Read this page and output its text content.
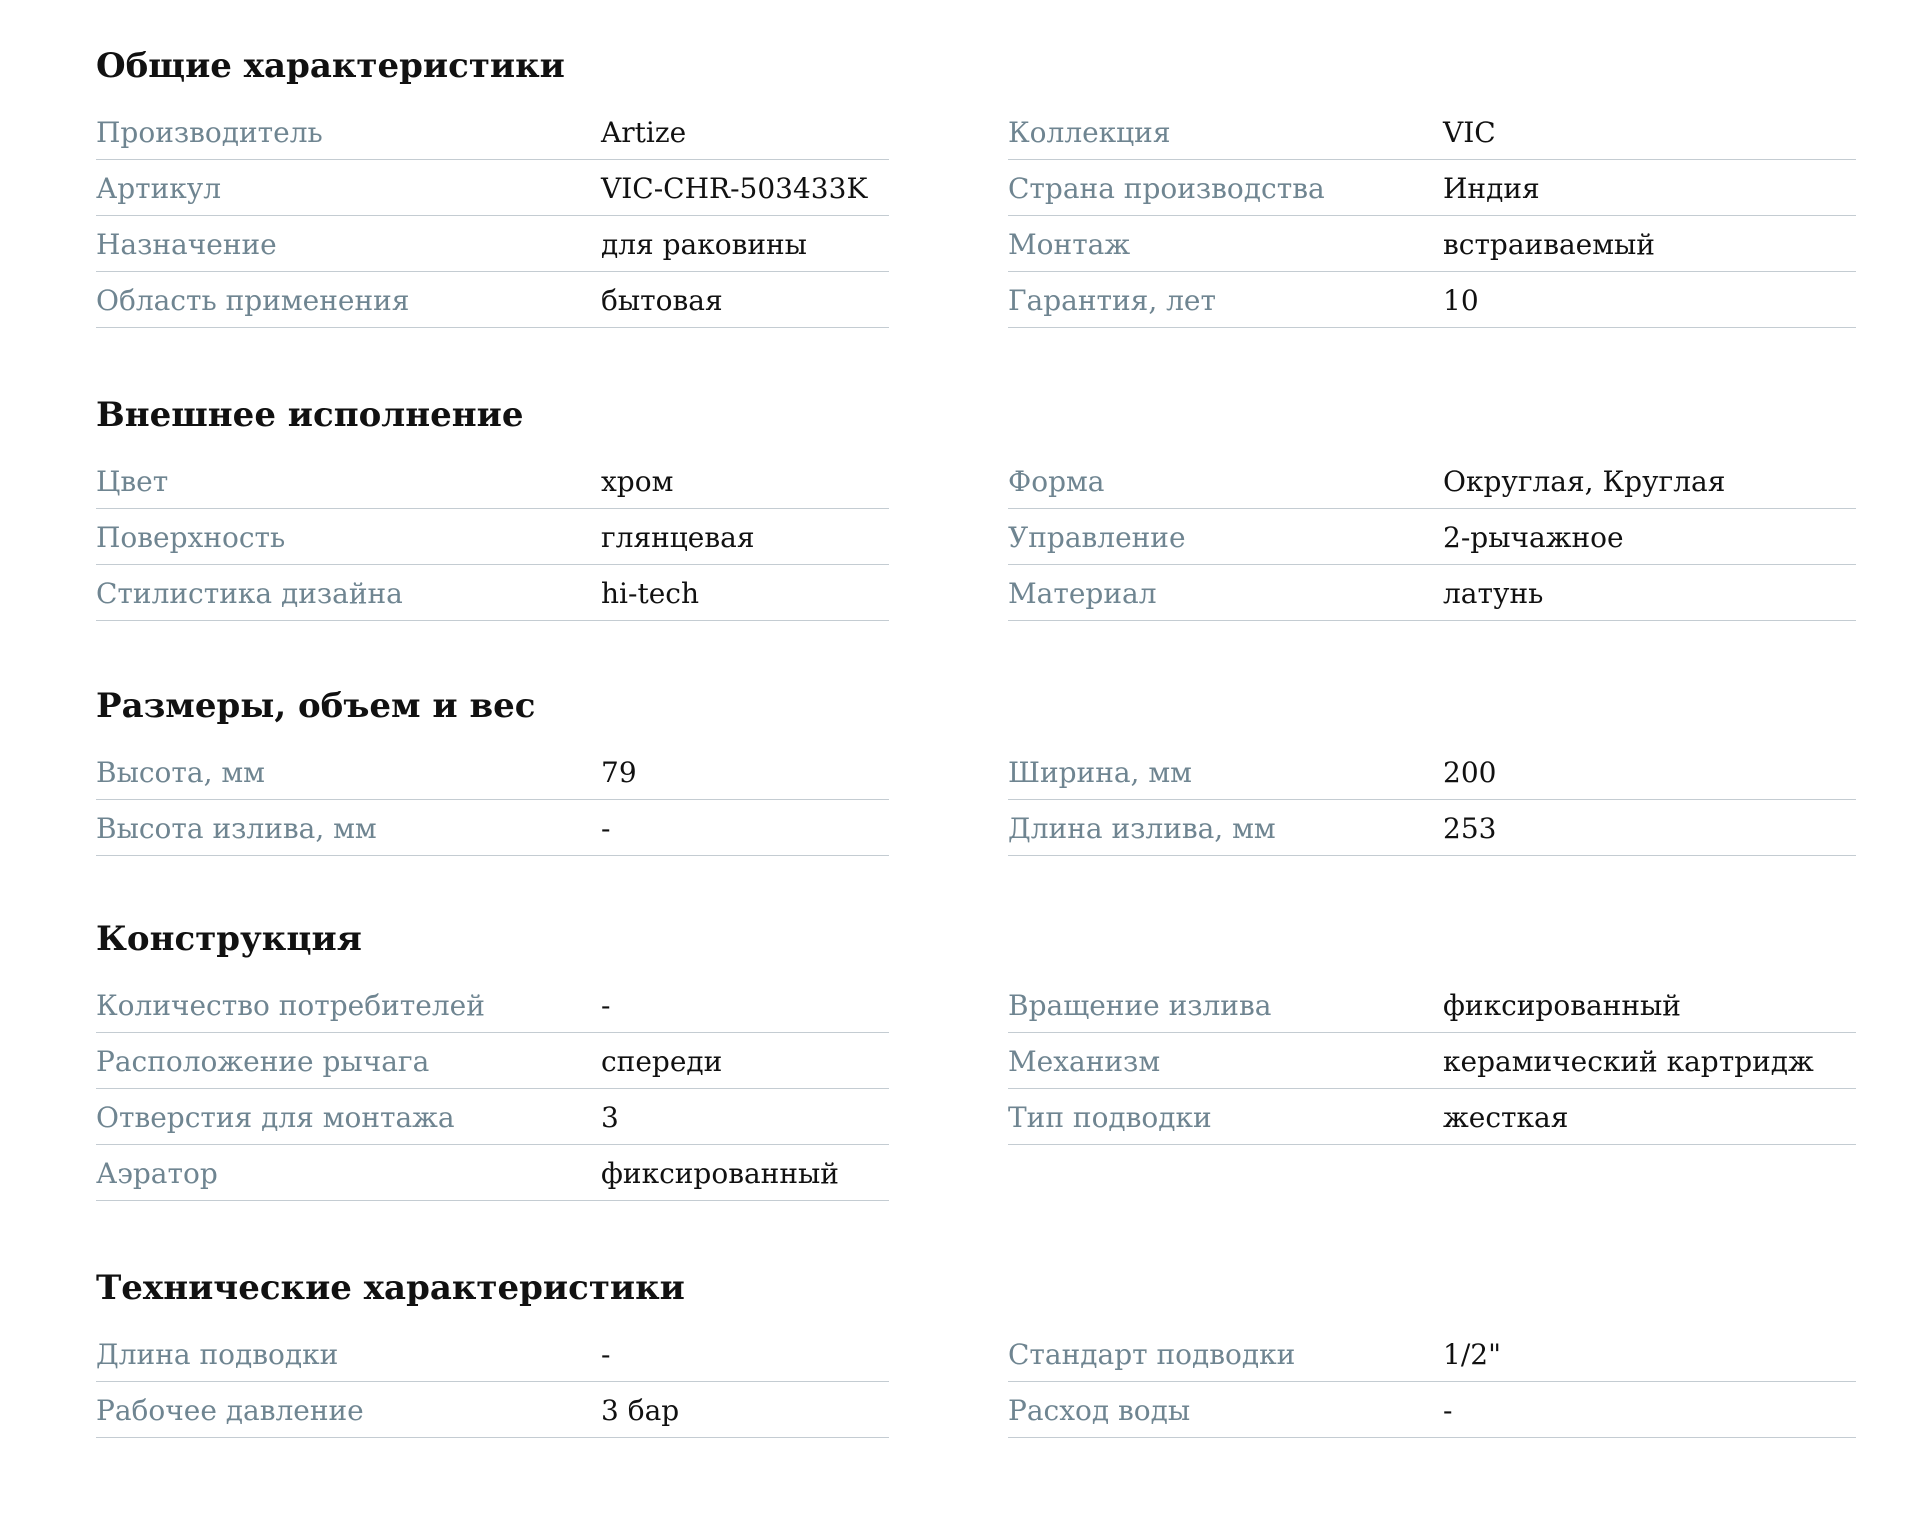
Общие характеристики
Производитель	Artize
Артикул	VIC-CHR-503433K
Назначение	для раковины
Область применения	бытовая
Коллекция	VIC
Страна производства	Индия
Монтаж	встраиваемый
Гарантия, лет	10
Внешнее исполнение
Цвет	хром
Поверхность	глянцевая
Стилистика дизайна	hi-tech
Форма	Округлая, Круглая
Управление	2-рычажное
Материал	латунь
Размеры, объем и вес
Высота, мм	79
Высота излива, мм	-
Ширина, мм	200
Длина излива, мм	253
Конструкция
Количество потребителей	-
Расположение рычага	спереди
Отверстия для монтажа	3
Аэратор	фиксированный
Вращение излива	фиксированный
Механизм	керамический картридж
Тип подводки	жесткая
Технические характеристики
Длина подводки	-
Рабочее давление	3 бар
Стандарт подводки	1/2"
Расход воды	-
